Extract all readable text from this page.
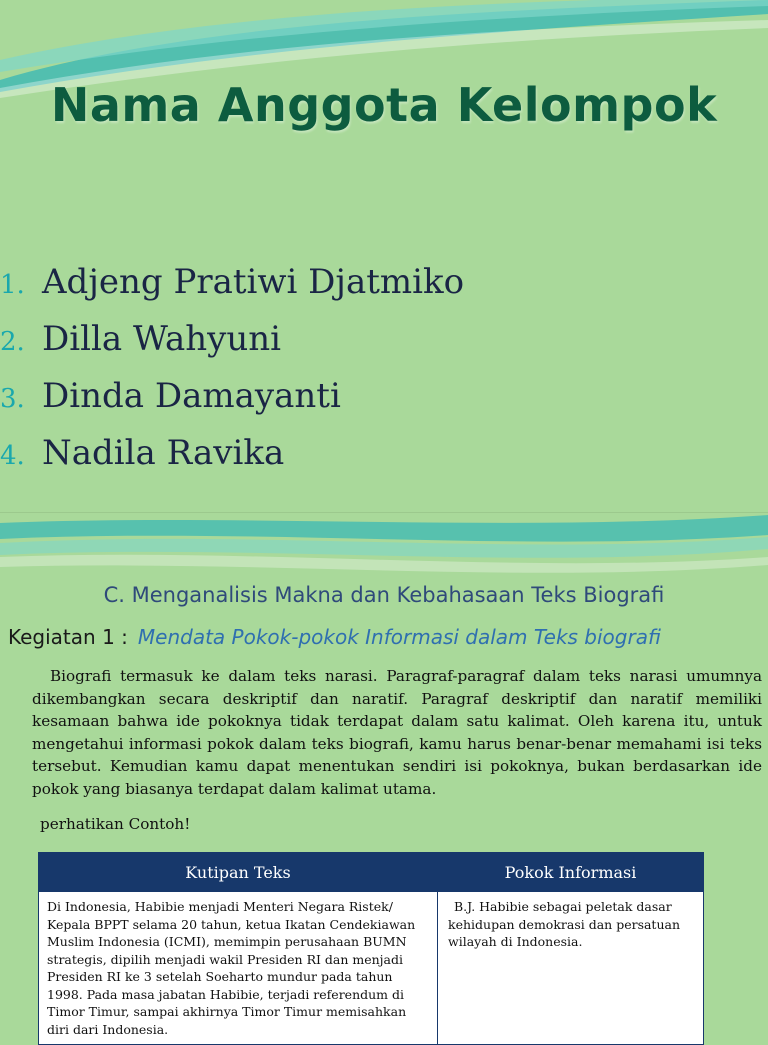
Nama Anggota Kelompok
1. Adjeng Pratiwi Djatmiko
2. Dilla Wahyuni
3. Dinda Damayanti
4. Nadila Ravika
C. Menganalisis Makna dan Kebahasaan Teks Biografi
Kegiatan 1 : Mendata Pokok-pokok Informasi dalam Teks biografi
Biografi termasuk ke dalam teks narasi. Paragraf-paragraf dalam teks narasi umumnya dikembangkan secara deskriptif dan naratif. Paragraf deskriptif dan naratif memiliki kesamaan bahwa ide pokoknya tidak terdapat dalam satu kalimat. Oleh karena itu, untuk mengetahui informasi pokok dalam teks biografi, kamu harus benar-benar memahami isi teks tersebut. Kemudian kamu dapat menentukan sendiri isi pokoknya, bukan berdasarkan ide pokok yang biasanya terdapat dalam kalimat utama.
perhatikan Contoh!
Kutipan Teks	Pokok Informasi
Di Indonesia, Habibie menjadi Menteri Negara Ristek/ Kepala BPPT selama 20 tahun, ketua Ikatan Cendekiawan Muslim Indonesia (ICMI), memimpin perusahaan BUMN strategis, dipilih menjadi wakil Presiden RI dan menjadi Presiden RI ke 3 setelah Soeharto mundur pada tahun 1998. Pada masa jabatan Habibie, terjadi referendum di Timor Timur, sampai akhirnya Timor Timur memisahkan diri dari Indonesia.	B.J. Habibie sebagai peletak dasar kehidupan demokrasi dan persatuan wilayah di Indonesia.
